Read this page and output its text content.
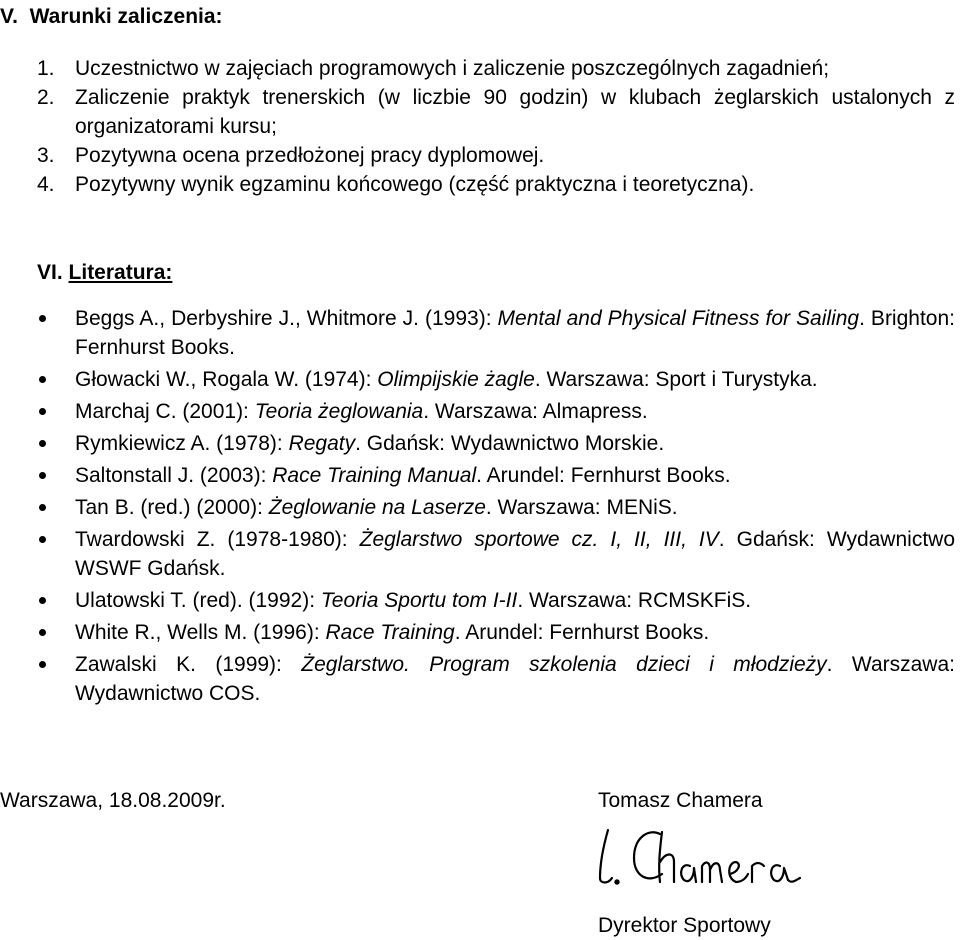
V. Warunki zaliczenia:
1. Uczestnictwo w zajęciach programowych i zaliczenie poszczególnych zagadnień;
2. Zaliczenie praktyk trenerskich (w liczbie 90 godzin) w klubach żeglarskich ustalonych z organizatorami kursu;
3. Pozytywna ocena przedłożonej pracy dyplomowej.
4. Pozytywny wynik egzaminu końcowego (część praktyczna i teoretyczna).
VI. Literatura:
Beggs A., Derbyshire J., Whitmore J. (1993): Mental and Physical Fitness for Sailing. Brighton: Fernhurst Books.
Głowacki W., Rogala W. (1974): Olimpijskie żagle. Warszawa: Sport i Turystyka.
Marchaj C. (2001): Teoria żeglowania. Warszawa: Almapress.
Rymkiewicz A. (1978): Regaty. Gdańsk: Wydawnictwo Morskie.
Saltonstall J. (2003): Race Training Manual. Arundel: Fernhurst Books.
Tan B. (red.) (2000): Żeglowanie na Laserze. Warszawa: MENiS.
Twardowski Z. (1978-1980): Żeglarstwo sportowe cz. I, II, III, IV. Gdańsk: Wydawnictwo WSWF Gdańsk.
Ulatowski T. (red). (1992): Teoria Sportu tom I-II. Warszawa: RCMSKFiS.
White R., Wells M. (1996): Race Training. Arundel: Fernhurst Books.
Zawalski K. (1999): Żeglarstwo. Program szkolenia dzieci i młodzieży. Warszawa: Wydawnictwo COS.
Warszawa, 18.08.2009r.	Tomasz Chamera
Dyrektor Sportowy
